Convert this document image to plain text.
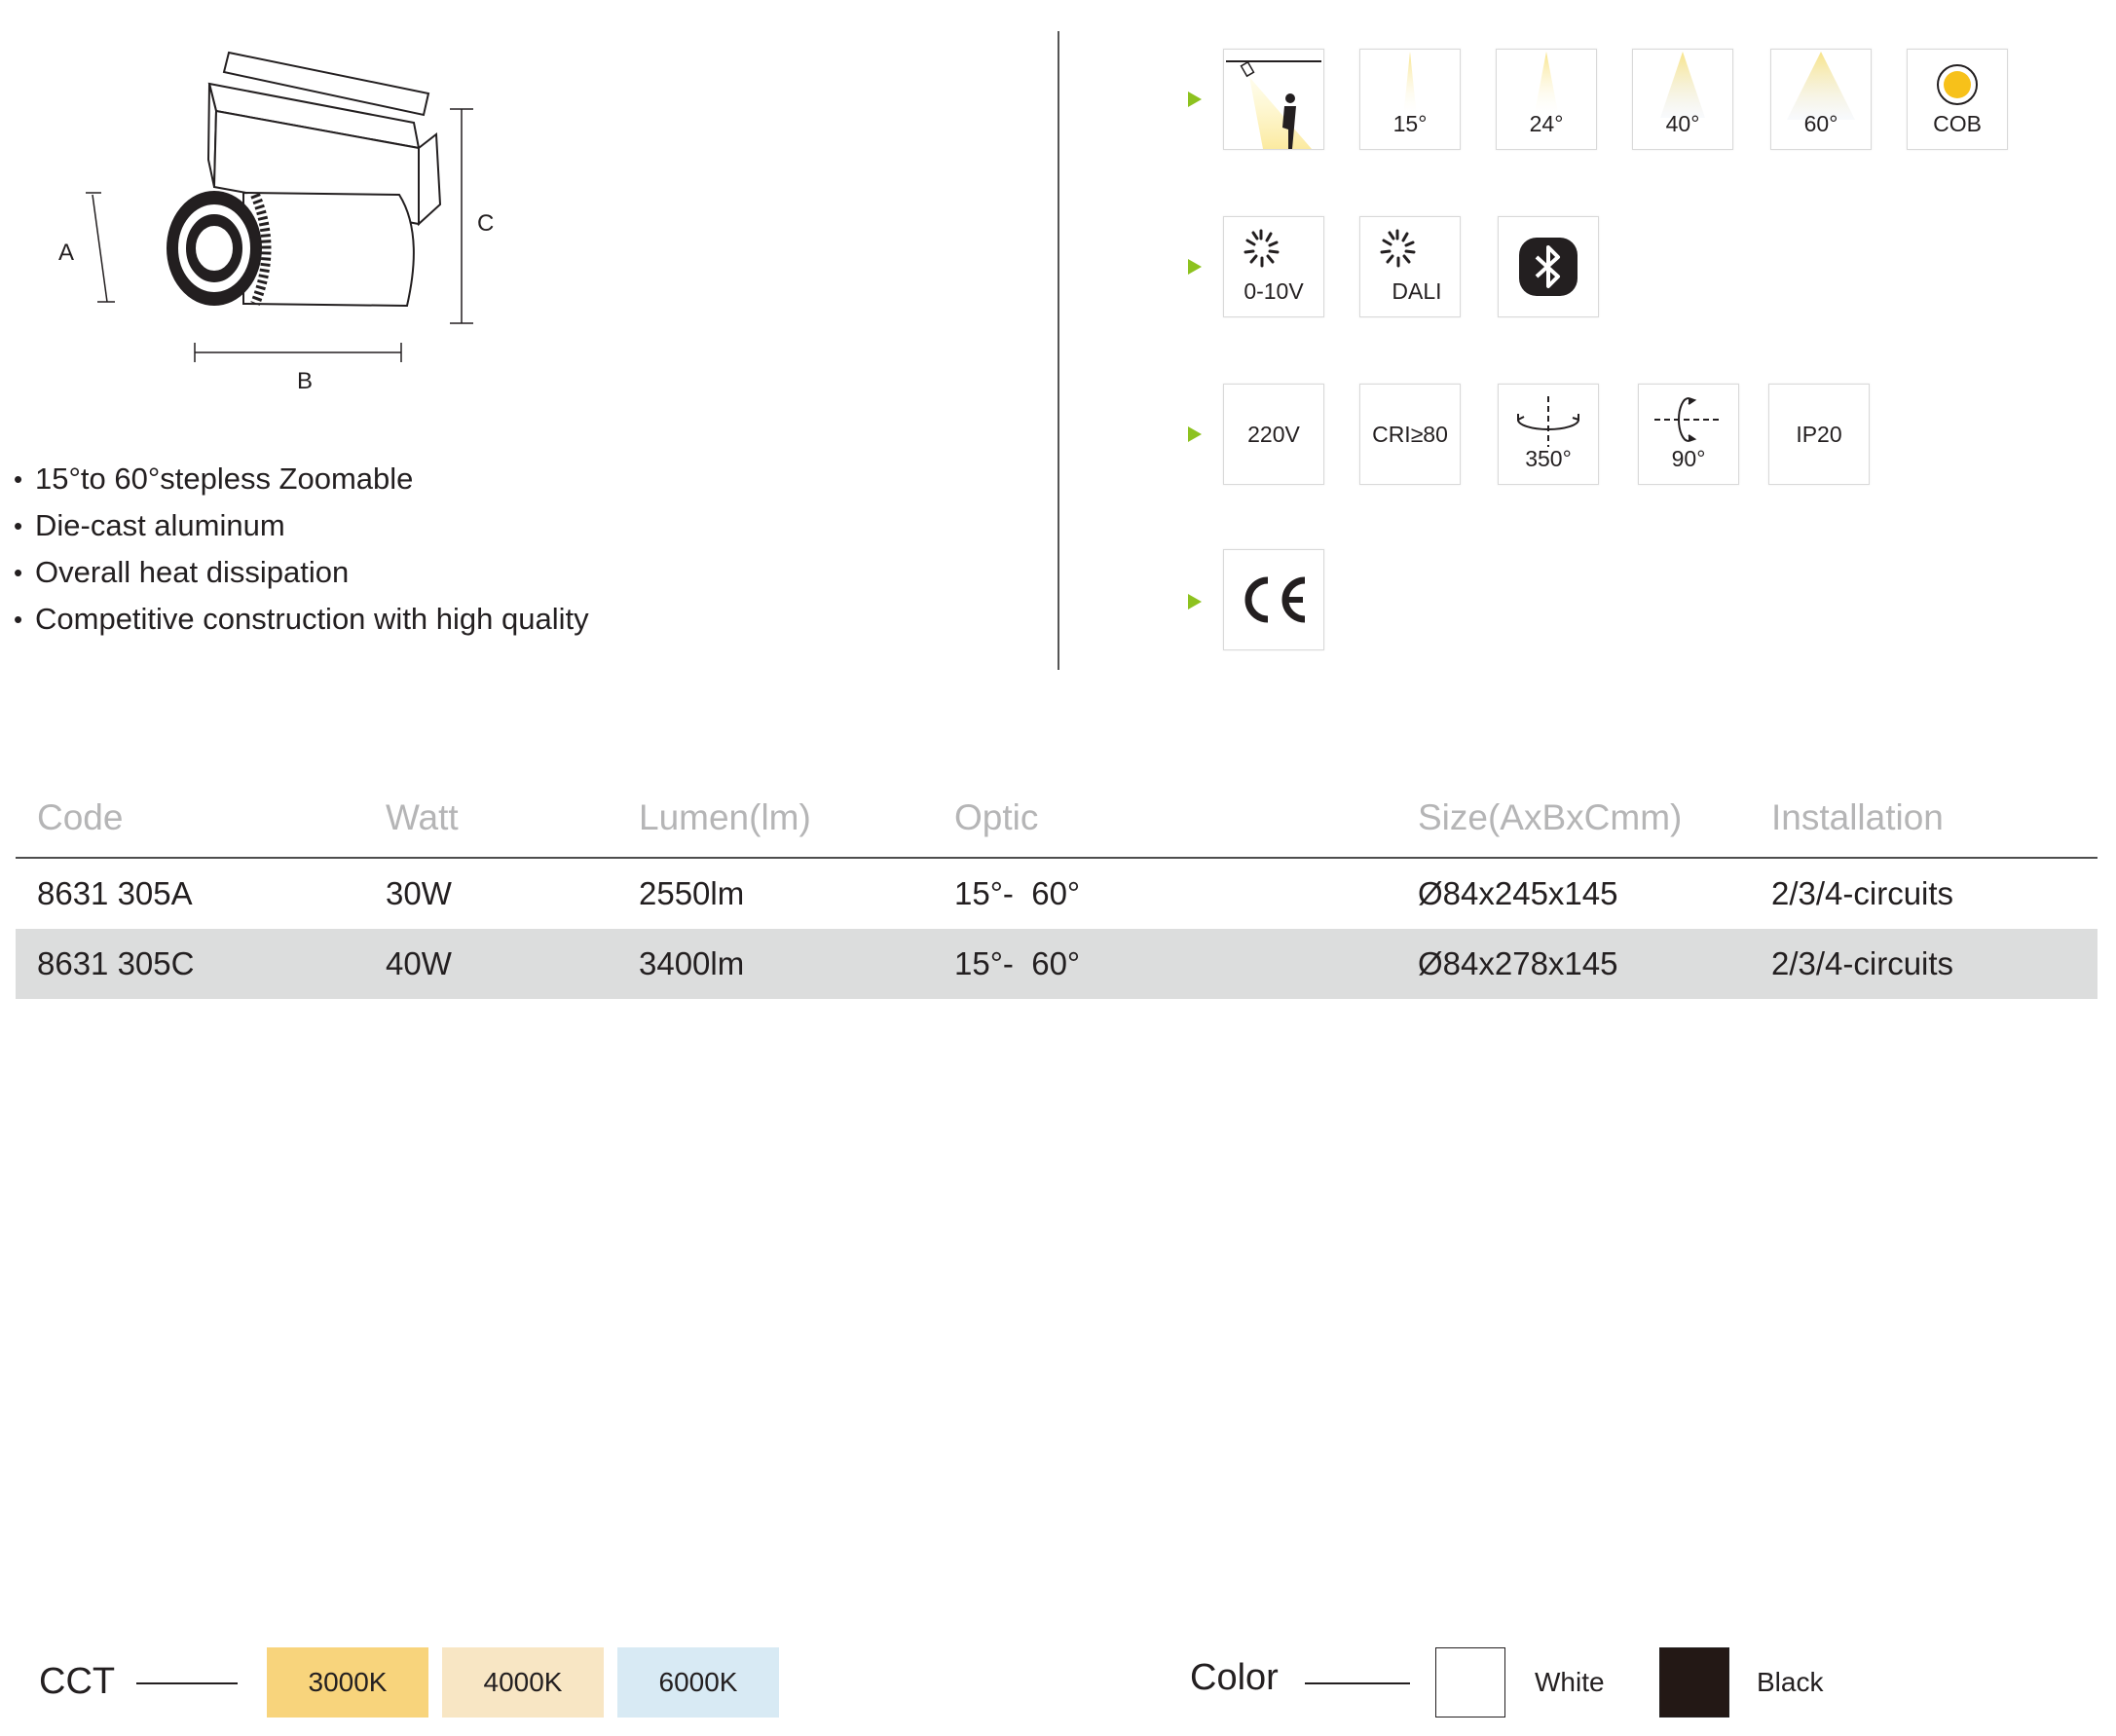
A
B
C
• 15°to 60°stepless Zoomable
• Die-cast aluminum
• Overall heat dissipation
• Competitive construction with high quality
15°	24°	40°	60°	COB
0-10V	DALI
220V	CRI≥80
350°	90°
IP20
Code	Watt	Lumen(lm)	Optic	Size(AxBxCmm)	Installation
8631 305A	30W	2550lm	15°-  60°	Ø84x245x145	2/3/4-circuits
8631 305C	40W	3400lm	15°-  60°	Ø84x278x145	2/3/4-circuits
CCT	3000K	4000K	6000K	Color	White	Black
